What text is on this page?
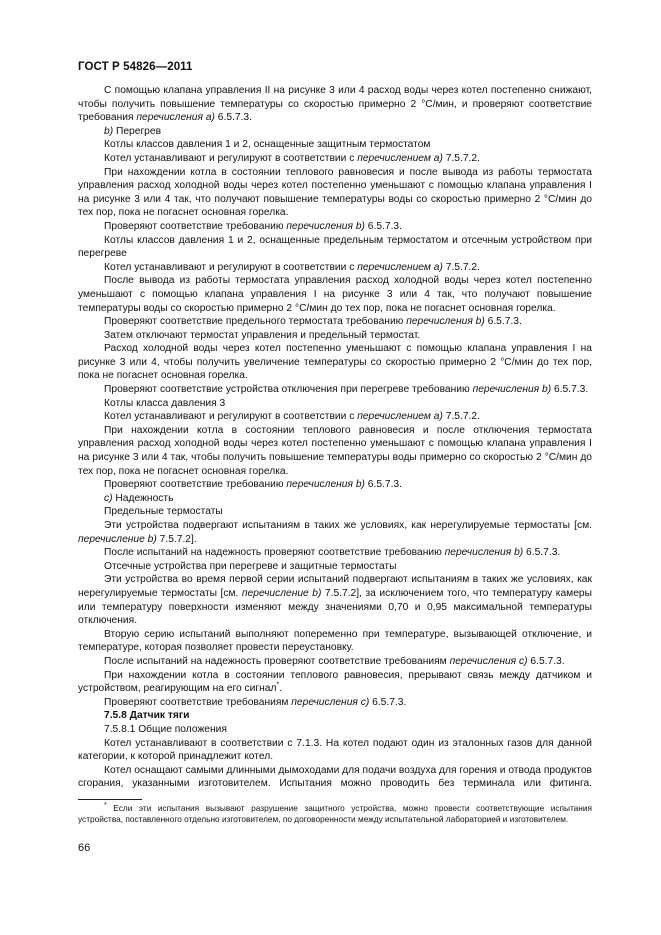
ГОСТ Р 54826—2011

С помощью клапана управления II на рисунке 3 или 4 расход воды через котел постепенно снижают, чтобы получить повышение температуры со скоростью примерно 2 °С/мин, и проверяют соответствие требования перечисления а) 6.5.7.3.

b) Перегрев

Котлы классов давления 1 и 2, оснащенные защитным термостатом

Котел устанавливают и регулируют в соответствии с перечислением а) 7.5.7.2.

При нахождении котла в состоянии теплового равновесия и после вывода из работы термостата управления расход холодной воды через котел постепенно уменьшают с помощью клапана управления I на рисунке 3 или 4 так, что получают повышение температуры воды со скоростью примерно 2 °С/мин до тех пор, пока не погаснет основная горелка.

Проверяют соответствие требованию перечисления b) 6.5.7.3.

Котлы классов давления 1 и 2, оснащенные предельным термостатом и отсечным устройством при перегреве

Котел устанавливают и регулируют в соответствии с перечислением а) 7.5.7.2.

После вывода из работы термостата управления расход холодной воды через котел постепенно уменьшают с помощью клапана управления I на рисунке 3 или 4 так, что получают повышение температуры воды со скоростью примерно 2 °С/мин до тех пор, пока не погаснет основная горелка.

Проверяют соответствие предельного термостата требованию перечисления b) 6.5.7.3.

Затем отключают термостат управления и предельный термостат.

Расход холодной воды через котел постепенно уменьшают с помощью клапана управления I на рисунке 3 или 4, чтобы получить увеличение температуры со скоростью примерно 2 °С/мин до тех пор, пока не погаснет основная горелка.

Проверяют соответствие устройства отключения при перегреве требованию перечисления b) 6.5.7.3.

Котлы класса давления 3

Котел устанавливают и регулируют в соответствии с перечислением а) 7.5.7.2.

При нахождении котла в состоянии теплового равновесия и после отключения термостата управления расход холодной воды через котел постепенно уменьшают с помощью клапана управления I на рисунке 3 или 4 так, чтобы получить повышение температуры воды примерно со скоростью 2 °С/мин до тех пор, пока не погаснет основная горелка.

Проверяют соответствие требованию перечисления b) 6.5.7.3.

c) Надежность

Предельные термостаты

Эти устройства подвергают испытаниям в таких же условиях, как нерегулируемые термостаты [см. перечисление b) 7.5.7.2].

После испытаний на надежность проверяют соответствие требованию перечисления b) 6.5.7.3.

Отсечные устройства при перегреве и защитные термостаты

Эти устройства во время первой серии испытаний подвергают испытаниям в таких же условиях, как нерегулируемые термостаты [см. перечисление b) 7.5.7.2], за исключением того, что температуру камеры или температуру поверхности изменяют между значениями 0,70 и 0,95 максимальной температуры отключения.

Вторую серию испытаний выполняют попеременно при температуре, вызывающей отключение, и температуре, которая позволяет провести переустановку.

После испытаний на надежность проверяют соответствие требованиям перечисления с) 6.5.7.3.

При нахождении котла в состоянии теплового равновесия, прерывают связь между датчиком и устройством, реагирующим на его сигнал*.

Проверяют соответствие требованиям перечисления с) 6.5.7.3.

7.5.8 Датчик тяги

7.5.8.1 Общие положения

Котел устанавливают в соответствии с 7.1.3. На котел подают один из эталонных газов для данной категории, к которой принадлежит котел.

Котел оснащают самыми длинными дымоходами для подачи воздуха для горения и отвода продуктов сгорания, указанными изготовителем. Испытания можно проводить без терминала или фитинга.

* Если эти испытания вызывают разрушение защитного устройства, можно провести соответствующие испытания устройства, поставленного отдельно изготовителем, по договоренности между испытательной лабораторией и изготовителем.
66
